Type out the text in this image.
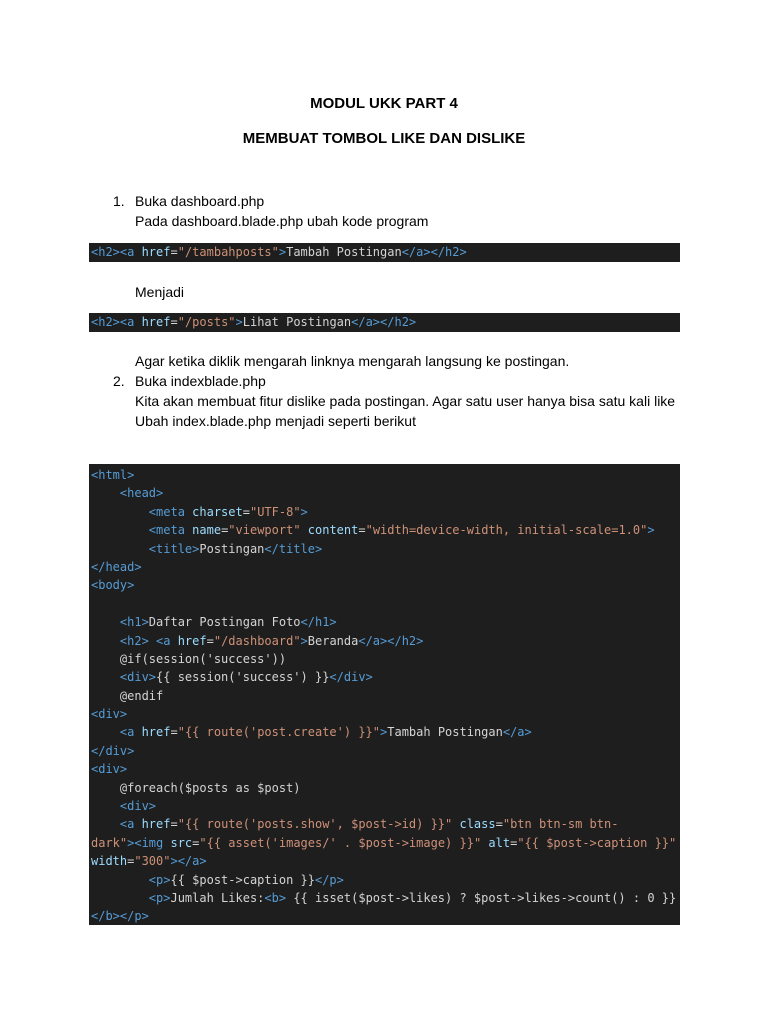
MODUL UKK PART 4
MEMBUAT TOMBOL LIKE DAN DISLIKE
1. Buka dashboard.php
Pada dashboard.blade.php ubah kode program
<h2><a href="/tambahposts">Tambah Postingan</a></h2>
Menjadi
<h2><a href="/posts">Lihat Postingan</a></h2>
Agar ketika diklik mengarah linknya mengarah langsung ke postingan.
2. Buka indexblade.php
Kita akan membuat fitur dislike pada postingan. Agar satu user hanya bisa satu kali like
Ubah index.blade.php menjadi seperti berikut
<html>
<head>
<meta charset="UTF-8">
<meta name="viewport" content="width=device-width, initial-scale=1.0">
<title>Postingan</title>
</head>
<body>
<h1>Daftar Postingan Foto</h1>
<h2> <a href="/dashboard">Beranda</a></h2>
@if(session('success'))
<div>{{ session('success') }}</div>
@endif
<div>
<a href="{{ route('post.create') }}">Tambah Postingan</a>
</div>
<div>
@foreach($posts as $post)
<div>
<a href="{{ route('posts.show', $post->id) }}" class="btn btn-sm btn-
dark"><img src="{{ asset('images/' . $post->image) }}" alt="{{ $post->caption }}"
width="300"></a>
<p>{{ $post->caption }}</p>
<p>Jumlah Likes:<b> {{ isset($post->likes) ? $post->likes->count() : 0 }}
</b></p>
